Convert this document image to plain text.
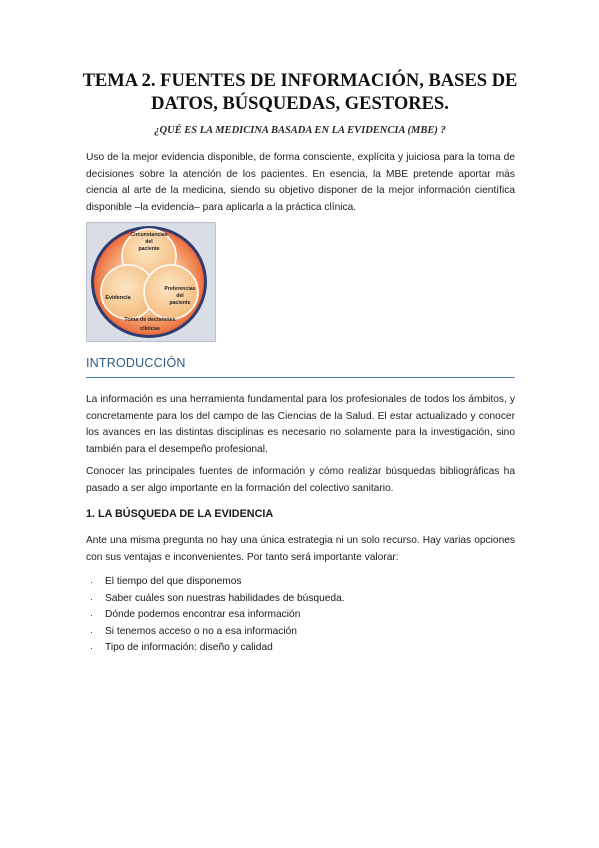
TEMA 2. FUENTES DE INFORMACIÓN, BASES DE
DATOS, BÚSQUEDAS, GESTORES.
¿QUÉ ES LA MEDICINA BASADA EN LA EVIDENCIA (MBE) ?

Uso de la mejor evidencia disponible, de forma consciente, explícita y juiciosa para la toma de decisiones sobre la atención de los pacientes. En esencia, la MBE pretende aportar más ciencia al arte de la medicina, siendo su objetivo disponer de la mejor información científica disponible –la evidencia– para aplicarla a la práctica clínica.

Circunstancias
del
paciente
Evidencia
Preferencias
del
paciente
Toma de decisiones
clínicas
INTRODUCCIÓN

La información es una herramienta fundamental para los profesionales de todos los ámbitos, y concretamente para los del campo de las Ciencias de la Salud. El estar actualizado y conocer los avances en las distintas disciplinas es necesario no solamente para la investigación, sino también para el desempeño profesional.

Conocer las principales fuentes de información y cómo realizar búsquedas bibliográficas ha pasado a ser algo importante en la formación del colectivo sanitario.

1. LA BÚSQUEDA DE LA EVIDENCIA

Ante una misma pregunta no hay una única estrategia ni un solo recurso. Hay varias opciones con sus ventajas e inconvenientes. Por tanto será importante valorar:

· El tiempo del que disponemos
· Saber cuáles son nuestras habilidades de búsqueda.
· Dónde podemos encontrar esa información
· Si tenemos acceso o no a esa información
· Tipo de información: diseño y calidad
